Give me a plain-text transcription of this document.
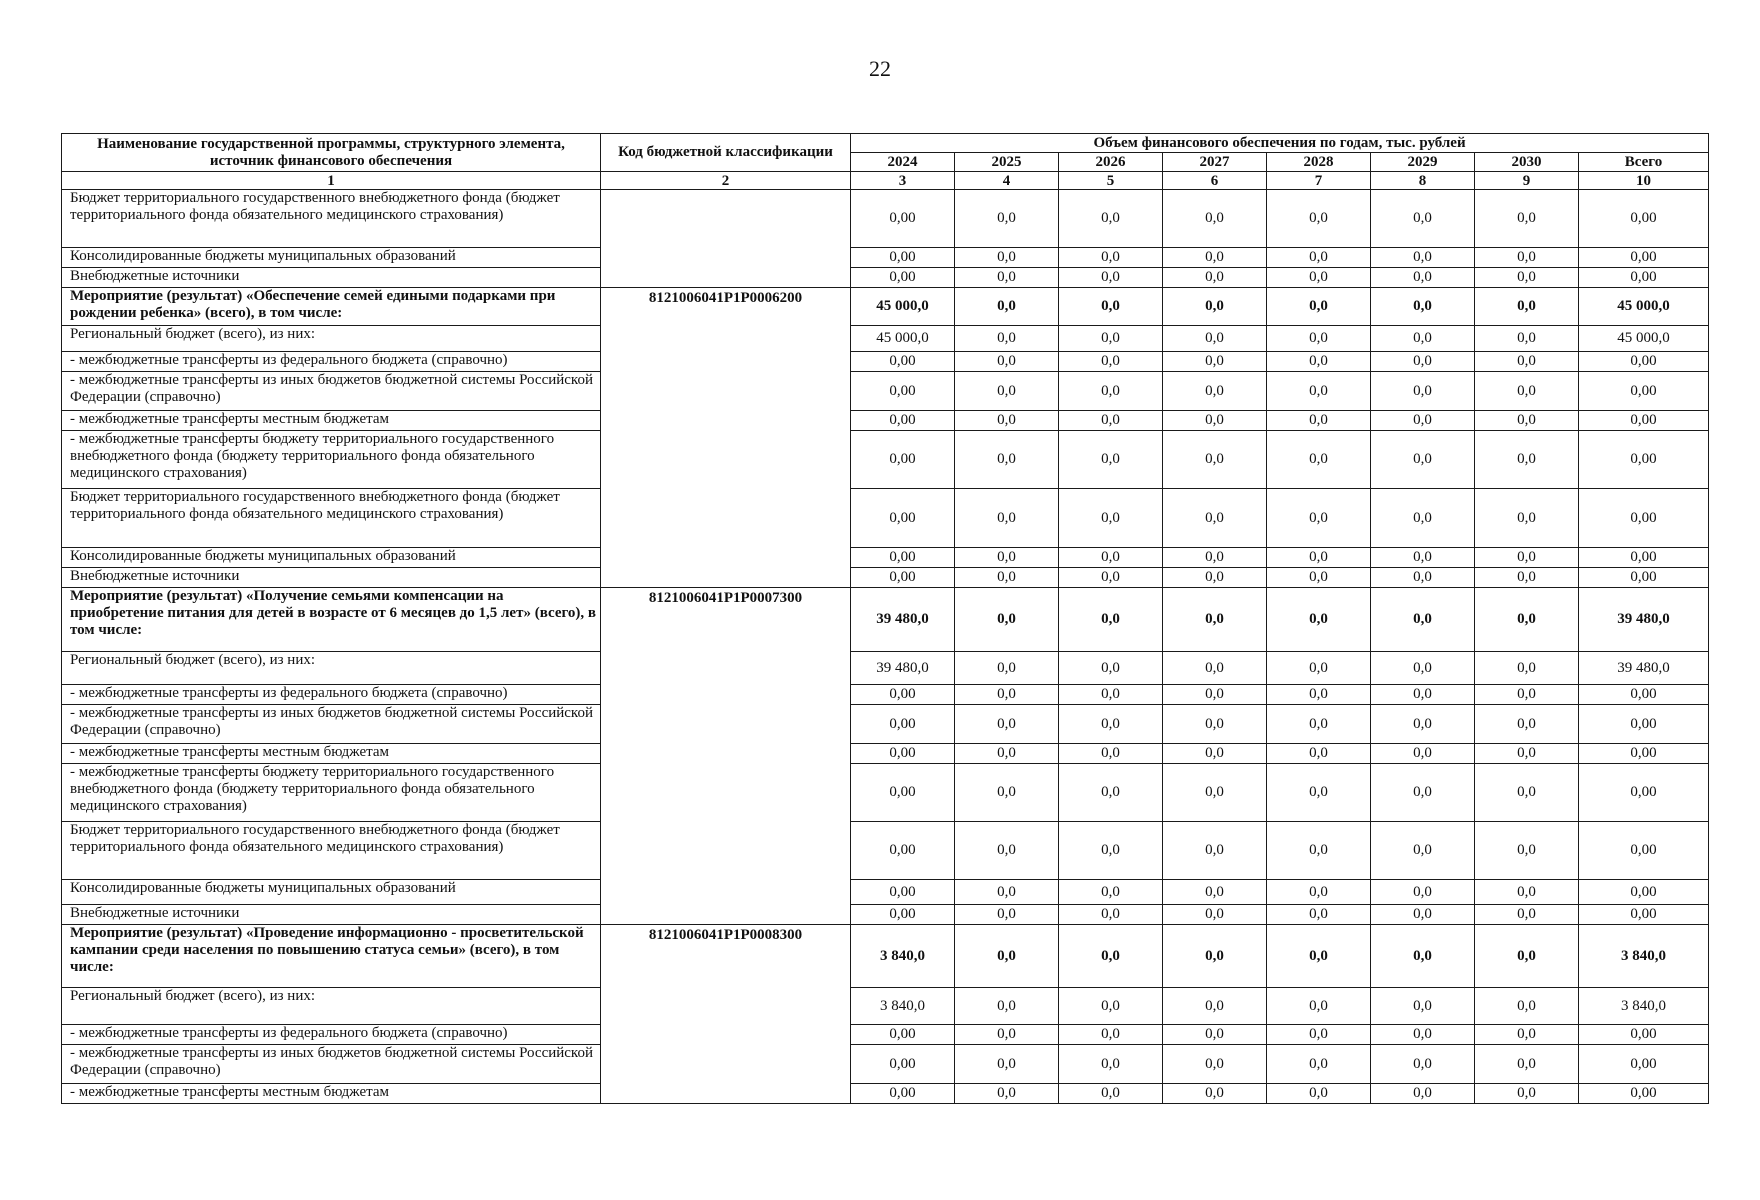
22
Наименование государственной программы, структурного элемента, источник финансового обеспечения	Код бюджетной классификации	Объем финансового обеспечения по годам, тыс. рублей							
		2024	2025	2026	2027	2028	2029	2030	Всего
1	2	3	4	5	6	7	8	9	10
Бюджет территориального государственного внебюджетного фонда (бюджет территориального фонда обязательного медицинского страхования)		0,00	0,0	0,0	0,0	0,0	0,0	0,0	0,00
Консолидированные бюджеты муниципальных образований		0,00	0,0	0,0	0,0	0,0	0,0	0,0	0,00
Внебюджетные источники		0,00	0,0	0,0	0,0	0,0	0,0	0,0	0,00
Мероприятие (результат) «Обеспечение семей едиными подарками при рождении ребенка» (всего), в том числе:	8121006041Р1Р0006200	45 000,0	0,0	0,0	0,0	0,0	0,0	0,0	45 000,0
Региональный бюджет (всего), из них:		45 000,0	0,0	0,0	0,0	0,0	0,0	0,0	45 000,0
- межбюджетные трансферты из федерального бюджета (справочно)		0,00	0,0	0,0	0,0	0,0	0,0	0,0	0,00
- межбюджетные трансферты из иных бюджетов бюджетной системы Российской Федерации (справочно)		0,00	0,0	0,0	0,0	0,0	0,0	0,0	0,00
- межбюджетные трансферты местным бюджетам		0,00	0,0	0,0	0,0	0,0	0,0	0,0	0,00
- межбюджетные трансферты бюджету территориального государственного внебюджетного фонда (бюджету территориального фонда обязательного медицинского страхования)		0,00	0,0	0,0	0,0	0,0	0,0	0,0	0,00
Бюджет территориального государственного внебюджетного фонда (бюджет территориального фонда обязательного медицинского страхования)		0,00	0,0	0,0	0,0	0,0	0,0	0,0	0,00
Консолидированные бюджеты муниципальных образований		0,00	0,0	0,0	0,0	0,0	0,0	0,0	0,00
Внебюджетные источники		0,00	0,0	0,0	0,0	0,0	0,0	0,0	0,00
Мероприятие (результат) «Получение семьями компенсации на приобретение питания для детей в возрасте от 6 месяцев до 1,5 лет» (всего), в том числе:	8121006041Р1Р0007300	39 480,0	0,0	0,0	0,0	0,0	0,0	0,0	39 480,0
Региональный бюджет (всего), из них:		39 480,0	0,0	0,0	0,0	0,0	0,0	0,0	39 480,0
- межбюджетные трансферты из федерального бюджета (справочно)		0,00	0,0	0,0	0,0	0,0	0,0	0,0	0,00
- межбюджетные трансферты из иных бюджетов бюджетной системы Российской Федерации (справочно)		0,00	0,0	0,0	0,0	0,0	0,0	0,0	0,00
- межбюджетные трансферты местным бюджетам		0,00	0,0	0,0	0,0	0,0	0,0	0,0	0,00
- межбюджетные трансферты бюджету территориального государственного внебюджетного фонда (бюджету территориального фонда обязательного медицинского страхования)		0,00	0,0	0,0	0,0	0,0	0,0	0,0	0,00
Бюджет территориального государственного внебюджетного фонда (бюджет территориального фонда обязательного медицинского страхования)		0,00	0,0	0,0	0,0	0,0	0,0	0,0	0,00
Консолидированные бюджеты муниципальных образований		0,00	0,0	0,0	0,0	0,0	0,0	0,0	0,00
Внебюджетные источники		0,00	0,0	0,0	0,0	0,0	0,0	0,0	0,00
Мероприятие (результат) «Проведение информационно - просветительской кампании среди населения по повышению статуса семьи» (всего), в том числе:	8121006041Р1Р0008300	3 840,0	0,0	0,0	0,0	0,0	0,0	0,0	3 840,0
Региональный бюджет (всего), из них:		3 840,0	0,0	0,0	0,0	0,0	0,0	0,0	3 840,0
- межбюджетные трансферты из федерального бюджета (справочно)		0,00	0,0	0,0	0,0	0,0	0,0	0,0	0,00
- межбюджетные трансферты из иных бюджетов бюджетной системы Российской Федерации (справочно)		0,00	0,0	0,0	0,0	0,0	0,0	0,0	0,00
- межбюджетные трансферты местным бюджетам		0,00	0,0	0,0	0,0	0,0	0,0	0,0	0,00
